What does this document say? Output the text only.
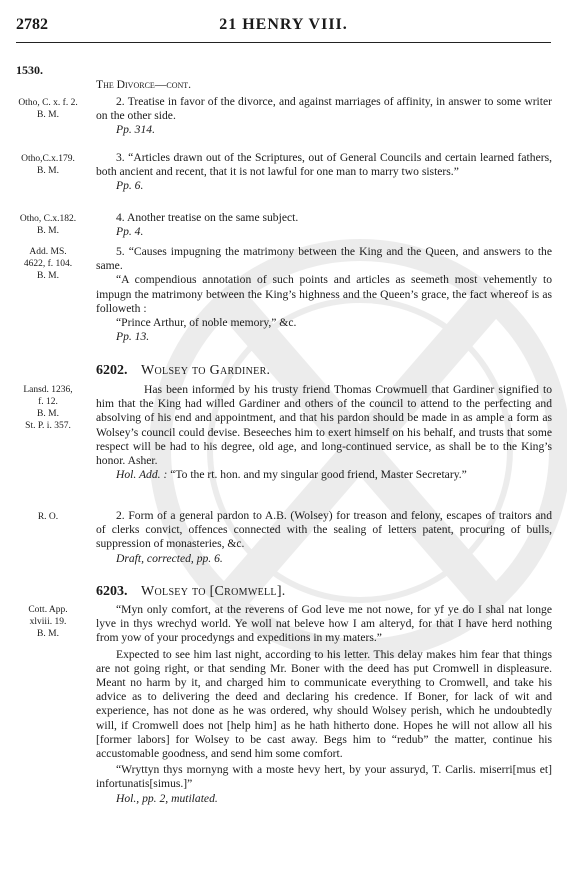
21 HENRY VIII.
2782
1530.
The Divorce—cont.
Otho, C. x. f. 2.
B. M.
2. Treatise in favor of the divorce, and against marriages of affinity, in answer to some writer on the other side.
Pp. 314.
Otho,C.x.179.
B. M.
3. “Articles drawn out of the Scriptures, out of General Councils and certain learned fathers, both ancient and recent, that it is not lawful for one man to marry two sisters.”
Pp. 6.
Otho, C.x.182.
B. M.
4. Another treatise on the same subject.
Pp. 4.
Add. MS.
4622, f. 104.
B. M.
5. “Causes impugning the matrimony between the King and the Queen, and answers to the same.
“A compendious annotation of such points and articles as seemeth most vehemently to impugn the matrimony between the King’s highness and the Queen’s grace, the fact whereof is as followeth :
“Prince Arthur, of noble memory,” &c.
Pp. 13.
6202. Wolsey to Gardiner.
Lansd. 1236,
f. 12.
B. M.
St. P. i. 357.
Has been informed by his trusty friend Thomas Crowmuell that Gardiner signified to him that the King had willed Gardiner and others of the council to attend to the perfecting and absolving of his end and appointment, and that his pardon should be made in as ample a form as Wolsey’s council could devise. Beseeches him to exert himself on his behalf, and trusts that some respect will be had to his degree, old age, and long-continued service, as shall be to the King’s honor. Asher.
Hol. Add. : “To the rt. hon. and my singular good friend, Master Secretary.”
R. O.	2. Form of a general pardon to A.B. (Wolsey) for treason and felony, escapes of traitors and of clerks convict, offences connected with the sealing of letters patent, procuring of bulls, suppression of monasteries, &c.
Draft, corrected, pp. 6.
6203. Wolsey to [Cromwell].
Cott. App.
xlviii. 19.
B. M.
“Myn only comfort, at the reverens of God leve me not nowe, for yf ye do I shal nat longe lyve in thys wrechyd world. Ye woll nat beleve how I am alteryd, for that I have herd nothing from yow of your procedyngs and expeditions in my maters.”
Expected to see him last night, according to his letter. This delay makes him fear that things are not going right, or that sending Mr. Boner with the deed has put Cromwell in displeasure. Meant no harm by it, and charged him to communicate everything to Cromwell, and take his advice as to delivering the deed and declaring his credence. If Boner, for lack of wit and experience, has not done as he was ordered, why should Wolsey perish, which he undoubtedly will, if Cromwell does not [help him] as he hath hitherto done. Hopes he will not allow all his [former labors] for Wolsey to be cast away. Begs him to “redub” the matter, continue his accustomable goodness, and send him some comfort.
“Wryttyn thys mornyng with a moste hevy hert, by your assuryd, T. Carlis. miserri[mus et] infortunatis[simus.]”
Hol., pp. 2, mutilated.
